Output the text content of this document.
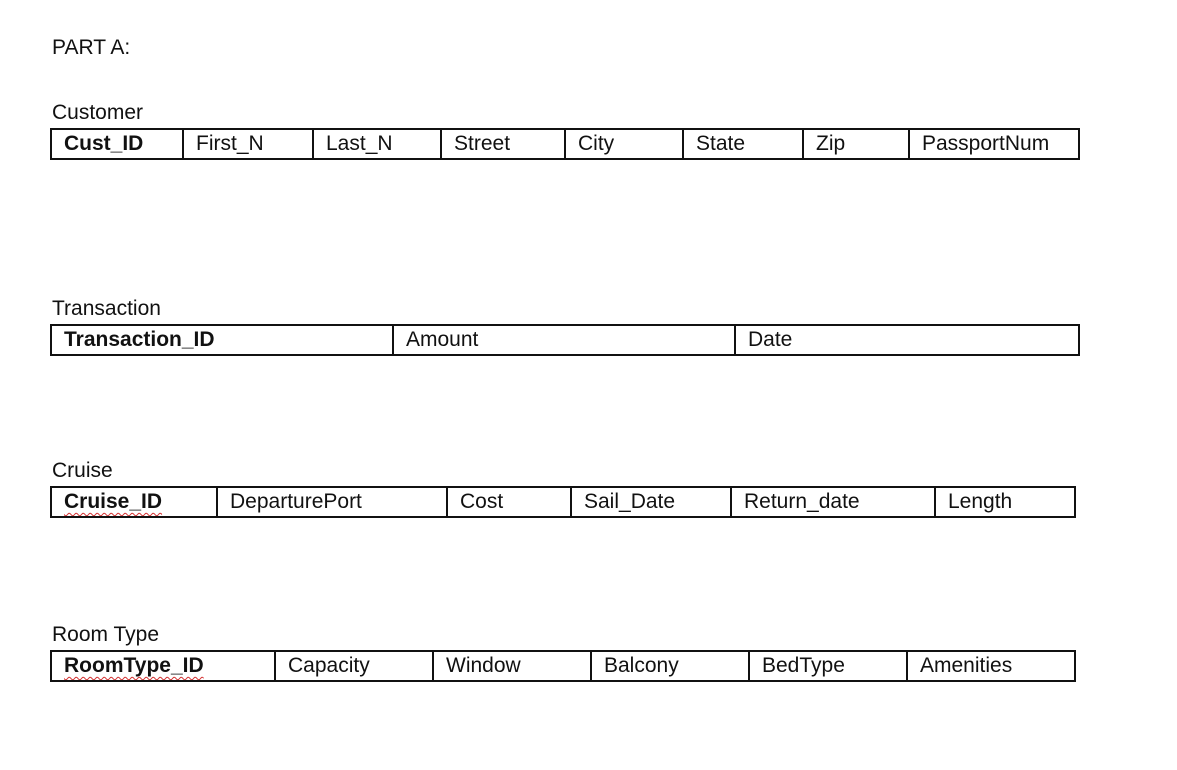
PART A:
Customer
Cust_ID	First_N	Last_N	Street	City	State	Zip	PassportNum
Transaction
Transaction_ID	Amount	Date
Cruise
Cruise_ID	DeparturePort	Cost	Sail_Date	Return_date	Length
Room Type
RoomType_ID	Capacity	Window	Balcony	BedType	Amenities
